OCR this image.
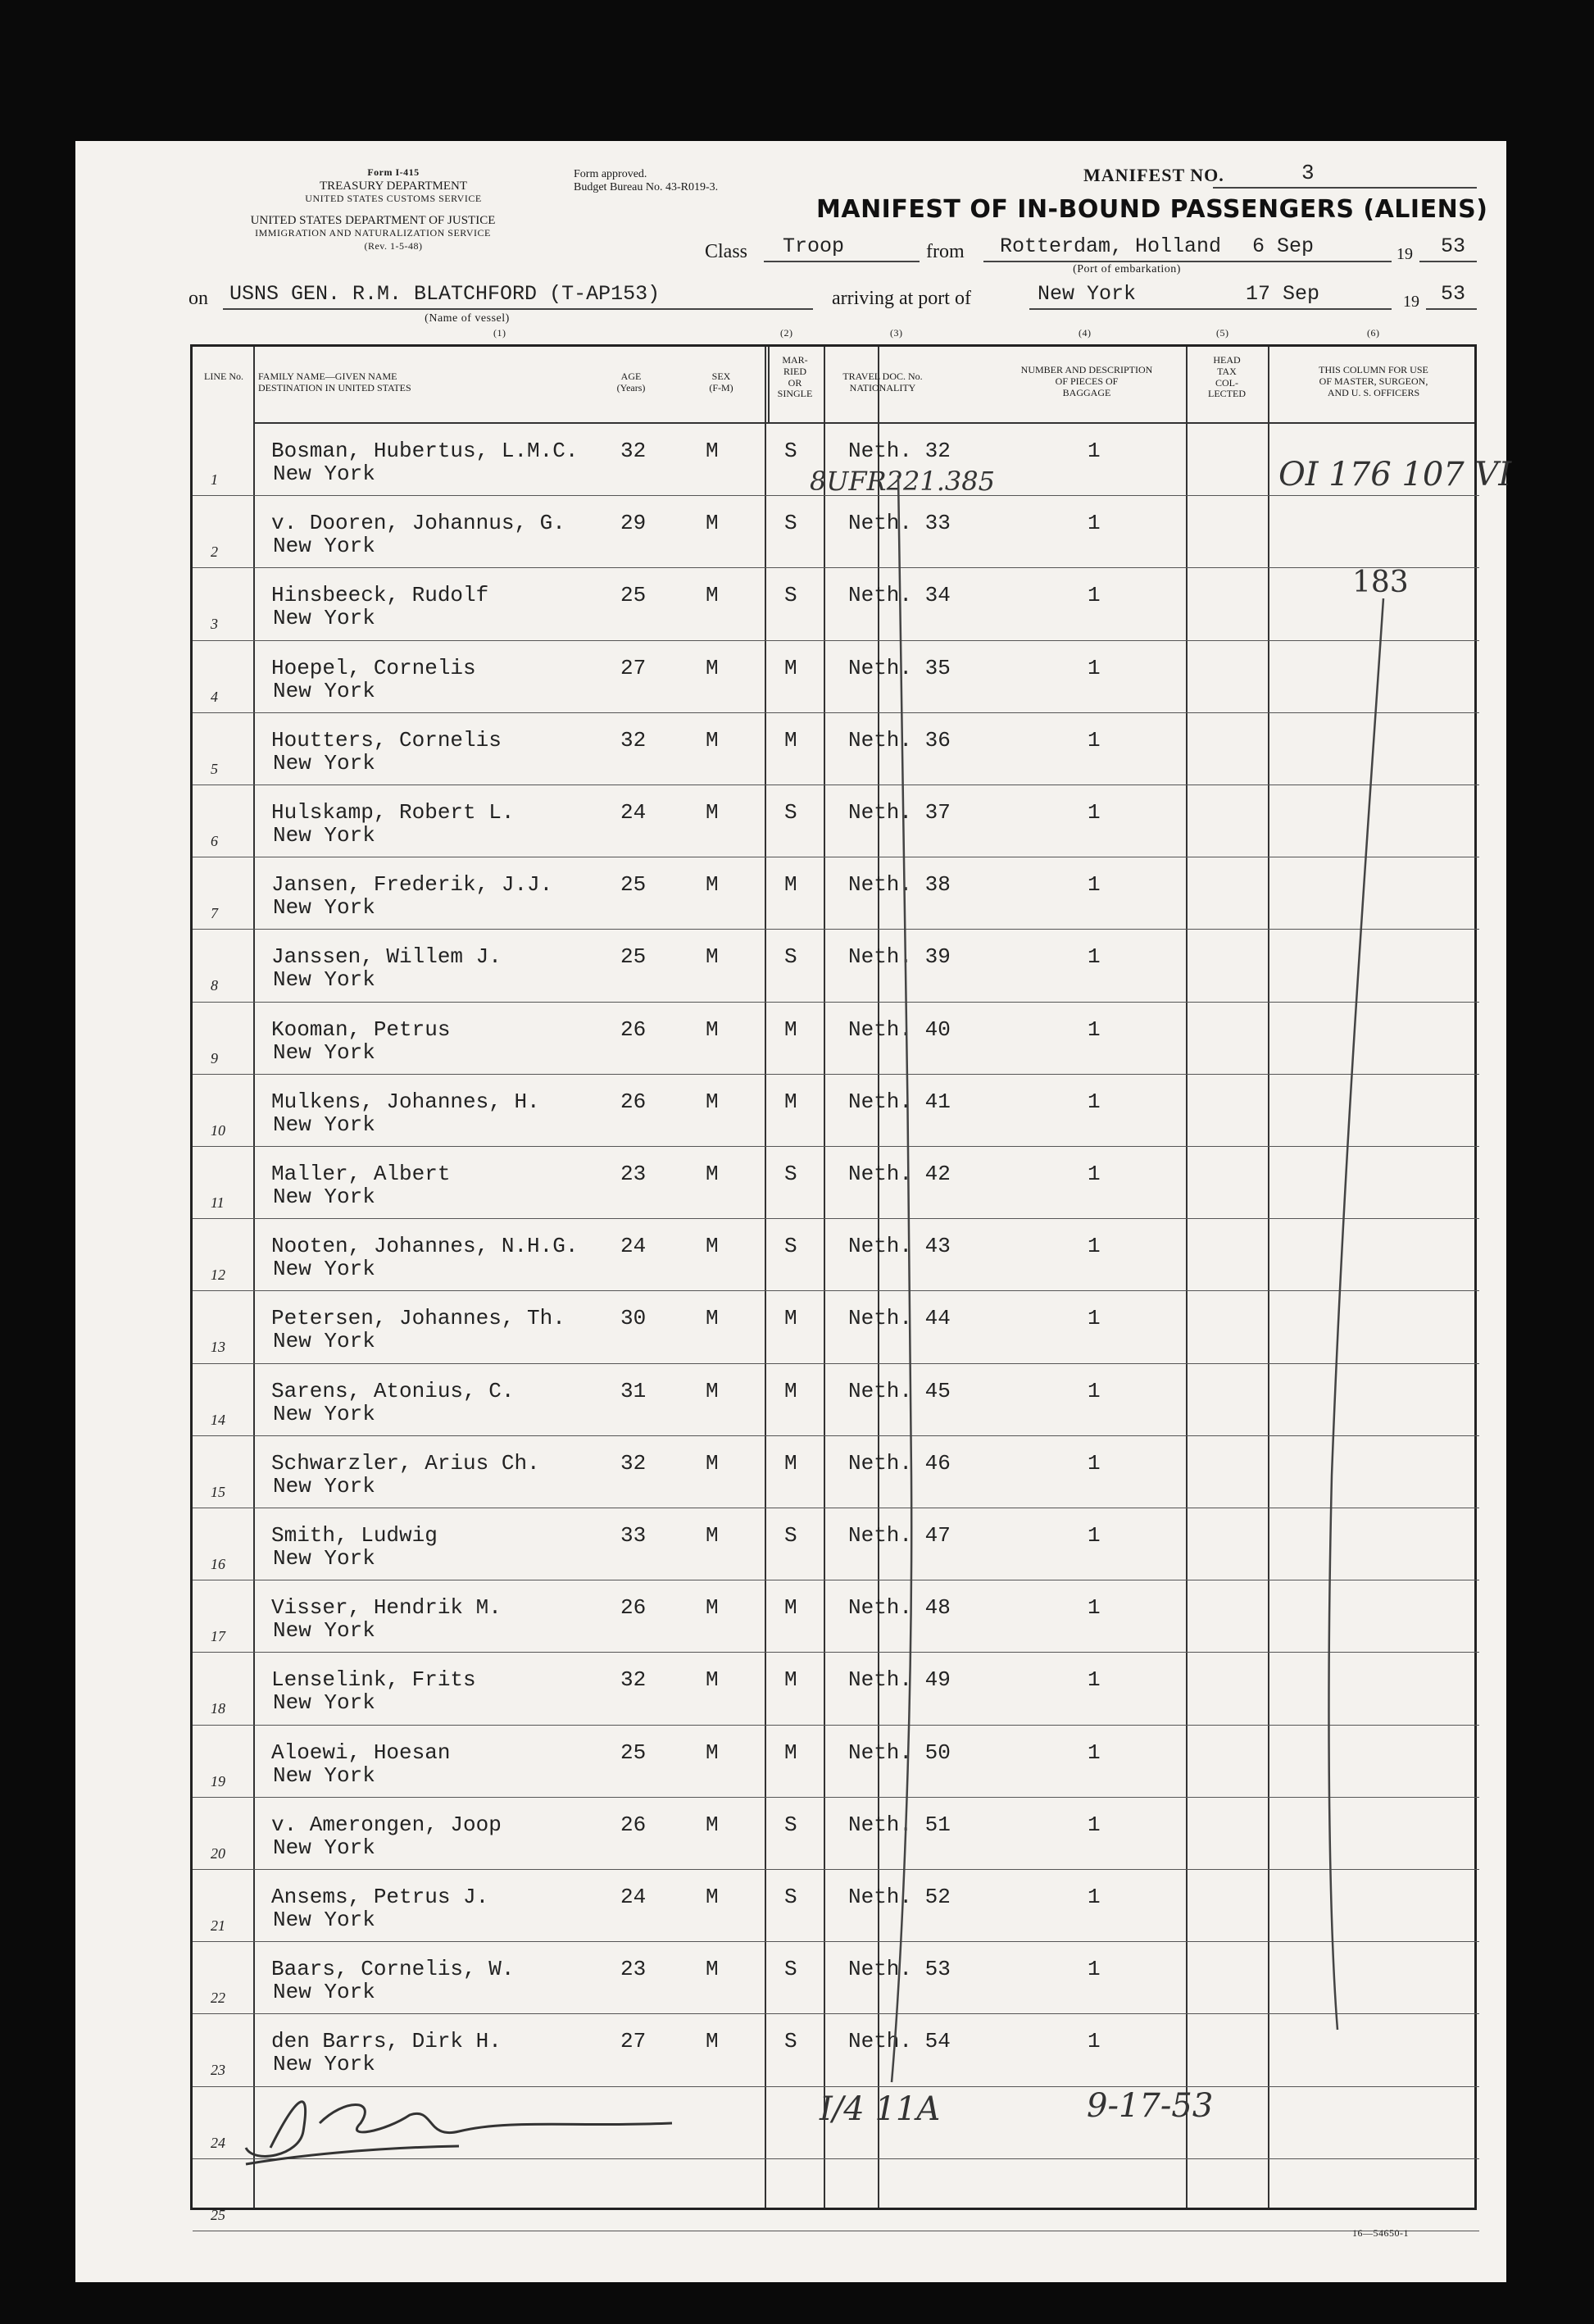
Form I-415
TREASURY DEPARTMENT
UNITED STATES CUSTOMS SERVICE
UNITED STATES DEPARTMENT OF JUSTICE
IMMIGRATION AND NATURALIZATION SERVICE
(Rev. 1-5-48)
Form approved.
Budget Bureau No. 43-R019-3.
MANIFEST NO.	3
MANIFEST OF IN-BOUND PASSENGERS (ALIENS)
Class Troop	from Rotterdam, Holland 6 Sep
(Port of embarkation)
19 53
on USNS GEN. R.M. BLATCHFORD (T-AP153)
(Name of vessel)
arriving at port of	New York	17 Sep	19 53
(1)	(2)	(3)	(4)	(5)	(6)
LINE No.	FAMILY NAME—GIVEN NAME
DESTINATION IN UNITED STATES
AGE
(Years)
SEX
(F-M)
MAR-
RIED
OR
SINGLE
TRAVEL DOC. No.
NATIONALITY
NUMBER AND DESCRIPTION
OF PIECES OF
BAGGAGE
HEAD
TAX
COL-
LECTED
THIS COLUMN FOR USE
OF MASTER, SURGEON,
AND U. S. OFFICERS
1
Bosman, Hubertus, L.M.C.
New York
32	M	S Neth. 32	1
2
v. Dooren, Johannus, G.
New York
29	M	S Neth. 33	1
3
Hinsbeeck, Rudolf
New York
25	M	S Neth. 34	1
4
Hoepel, Cornelis
New York
27	M	M Neth. 35	1
5
Houtters, Cornelis
New York
32	M	M Neth. 36	1
6
Hulskamp, Robert L.
New York
24	M	S Neth. 37	1
7
Jansen, Frederik, J.J.
New York
25	M	M Neth. 38	1
8
Janssen, Willem J.
New York
25	M	S Neth. 39	1
9
Kooman, Petrus
New York
26	M	M Neth. 40	1
10
Mulkens, Johannes, H.
New York
26	M	M Neth. 41	1
11
Maller, Albert
New York
23	M	S Neth. 42	1
12
Nooten, Johannes, N.H.G.
New York
24	M	S Neth. 43	1
13
Petersen, Johannes, Th.
New York
30	M	M Neth. 44	1
14
Sarens, Atonius, C.
New York
31	M	M Neth. 45	1
15
Schwarzler, Arius Ch.
New York
32	M	M Neth. 46	1
16
Smith, Ludwig
New York
33	M	S Neth. 47	1
17
Visser, Hendrik M.
New York
26	M	M Neth. 48	1
18
Lenselink, Frits
New York
32	M	M Neth. 49	1
19
Aloewi, Hoesan
New York
25	M	M Neth. 50	1
20
v. Amerongen, Joop
New York
26	M	S Neth. 51	1
21
Ansems, Petrus J.
New York
24	M	S Neth. 52	1
22
Baars, Cornelis, W.
New York
23	M	S Neth. 53	1
23
den Barrs, Dirk H.
New York
27	M	S Neth. 54	1
24
25
8UFR221.385	OI 176 107 VI
183
I/4 11A	9-17-53
16—54650-1
